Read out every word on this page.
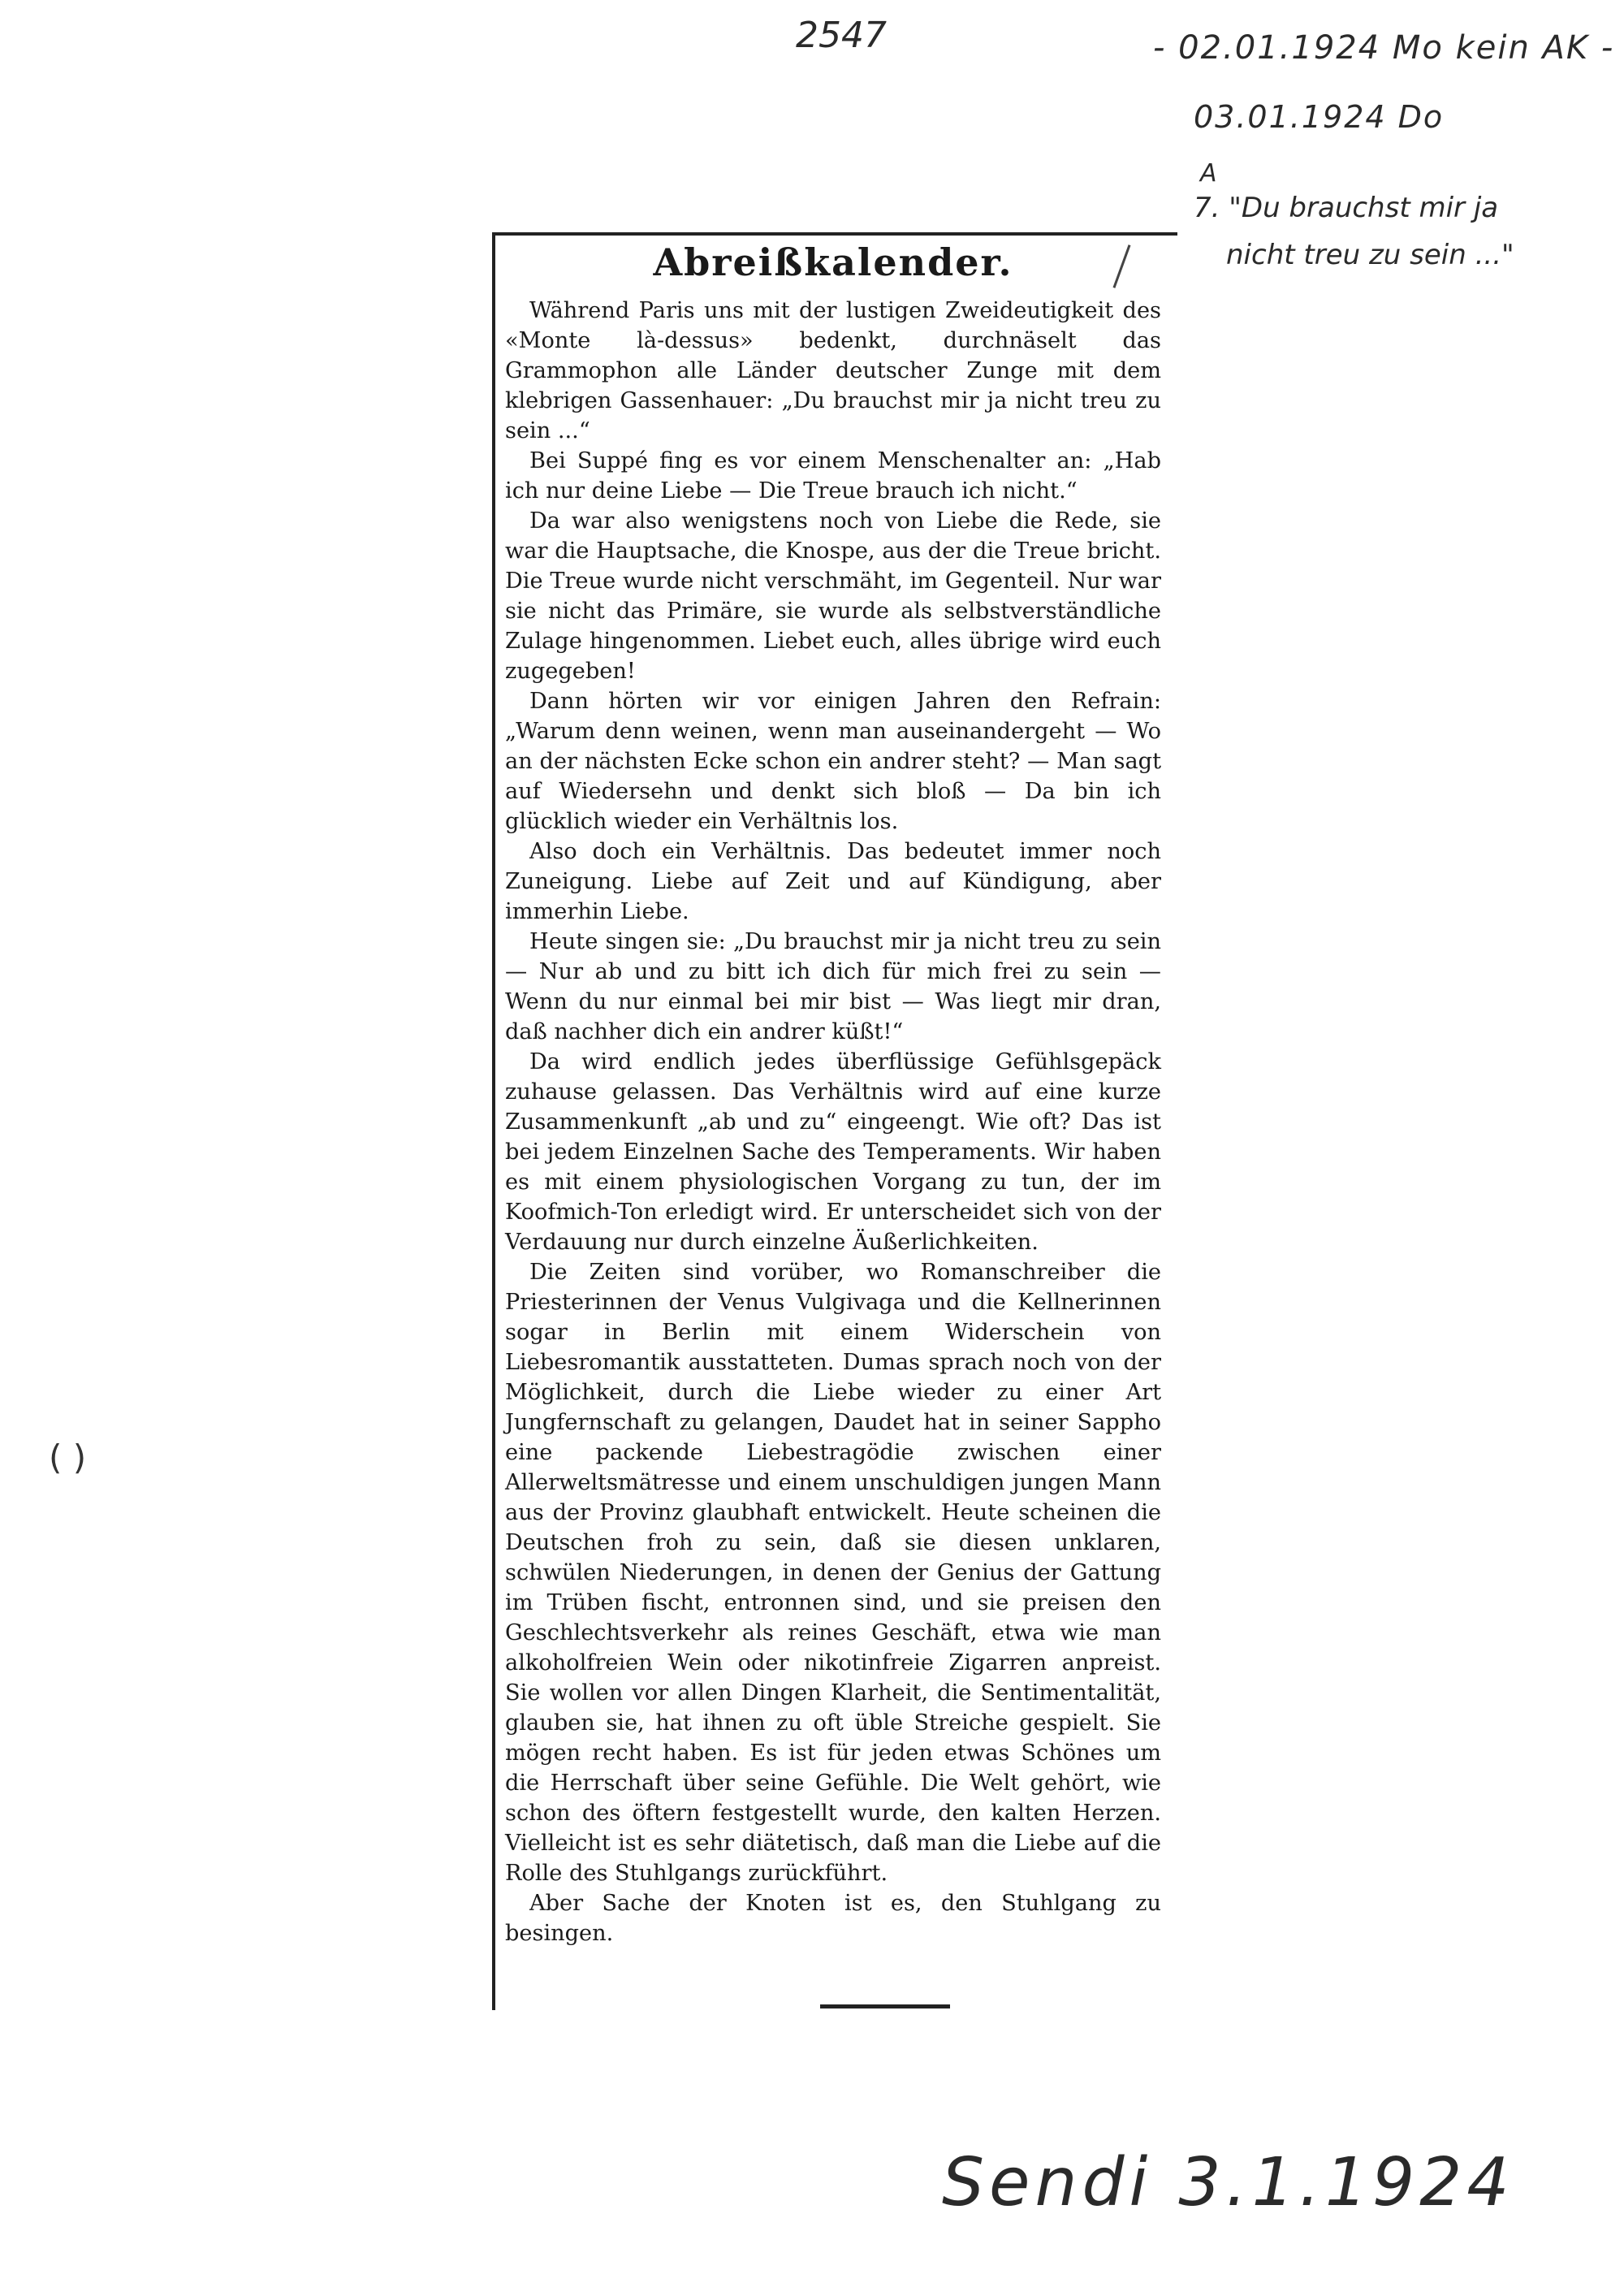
2547	- 02.01.1924 Mo kein AK -
03.01.1924 Do
A
7. "Du brauchst mir ja
nicht treu zu sein ..."
( )
Abreißkalender.

Während Paris uns mit der lustigen Zweideutigkeit des «Monte là-dessus» bedenkt, durchnäselt das Grammophon alle Länder deutscher Zunge mit dem klebrigen Gassenhauer: „Du brauchst mir ja nicht treu zu sein ...“

Bei Suppé fing es vor einem Menschenalter an: „Hab ich nur deine Liebe — Die Treue brauch ich nicht.“

Da war also wenigstens noch von Liebe die Rede, sie war die Hauptsache, die Knospe, aus der die Treue bricht. Die Treue wurde nicht verschmäht, im Gegenteil. Nur war sie nicht das Primäre, sie wurde als selbstverständliche Zulage hingenommen. Liebet euch, alles übrige wird euch zugegeben!

Dann hörten wir vor einigen Jahren den Refrain: „Warum denn weinen, wenn man auseinandergeht — Wo an der nächsten Ecke schon ein andrer steht? — Man sagt auf Wiedersehn und denkt sich bloß — Da bin ich glücklich wieder ein Verhältnis los.

Also doch ein Verhältnis. Das bedeutet immer noch Zuneigung. Liebe auf Zeit und auf Kündigung, aber immerhin Liebe.

Heute singen sie: „Du brauchst mir ja nicht treu zu sein — Nur ab und zu bitt ich dich für mich frei zu sein — Wenn du nur einmal bei mir bist — Was liegt mir dran, daß nachher dich ein andrer küßt!“

Da wird endlich jedes überflüssige Gefühlsgepäck zuhause gelassen. Das Verhältnis wird auf eine kurze Zusammenkunft „ab und zu“ eingeengt. Wie oft? Das ist bei jedem Einzelnen Sache des Temperaments. Wir haben es mit einem physiologischen Vorgang zu tun, der im Koofmich-Ton erledigt wird. Er unterscheidet sich von der Verdauung nur durch einzelne Äußerlichkeiten.

Die Zeiten sind vorüber, wo Romanschreiber die Priesterinnen der Venus Vulgivaga und die Kellnerinnen sogar in Berlin mit einem Widerschein von Liebesromantik ausstatteten. Dumas sprach noch von der Möglichkeit, durch die Liebe wieder zu einer Art Jungfernschaft zu gelangen, Daudet hat in seiner Sappho eine packende Liebestragödie zwischen einer Allerweltsmätresse und einem unschuldigen jungen Mann aus der Provinz glaubhaft entwickelt. Heute scheinen die Deutschen froh zu sein, daß sie diesen unklaren, schwülen Niederungen, in denen der Genius der Gattung im Trüben fischt, entronnen sind, und sie preisen den Geschlechtsverkehr als reines Geschäft, etwa wie man alkoholfreien Wein oder nikotinfreie Zigarren anpreist. Sie wollen vor allen Dingen Klarheit, die Sentimentalität, glauben sie, hat ihnen zu oft üble Streiche gespielt. Sie mögen recht haben. Es ist für jeden etwas Schönes um die Herrschaft über seine Gefühle. Die Welt gehört, wie schon des öftern festgestellt wurde, den kalten Herzen. Vielleicht ist es sehr diätetisch, daß man die Liebe auf die Rolle des Stuhlgangs zurückführt.

Aber Sache der Knoten ist es, den Stuhlgang zu besingen.

Sendi 3.1.1924
